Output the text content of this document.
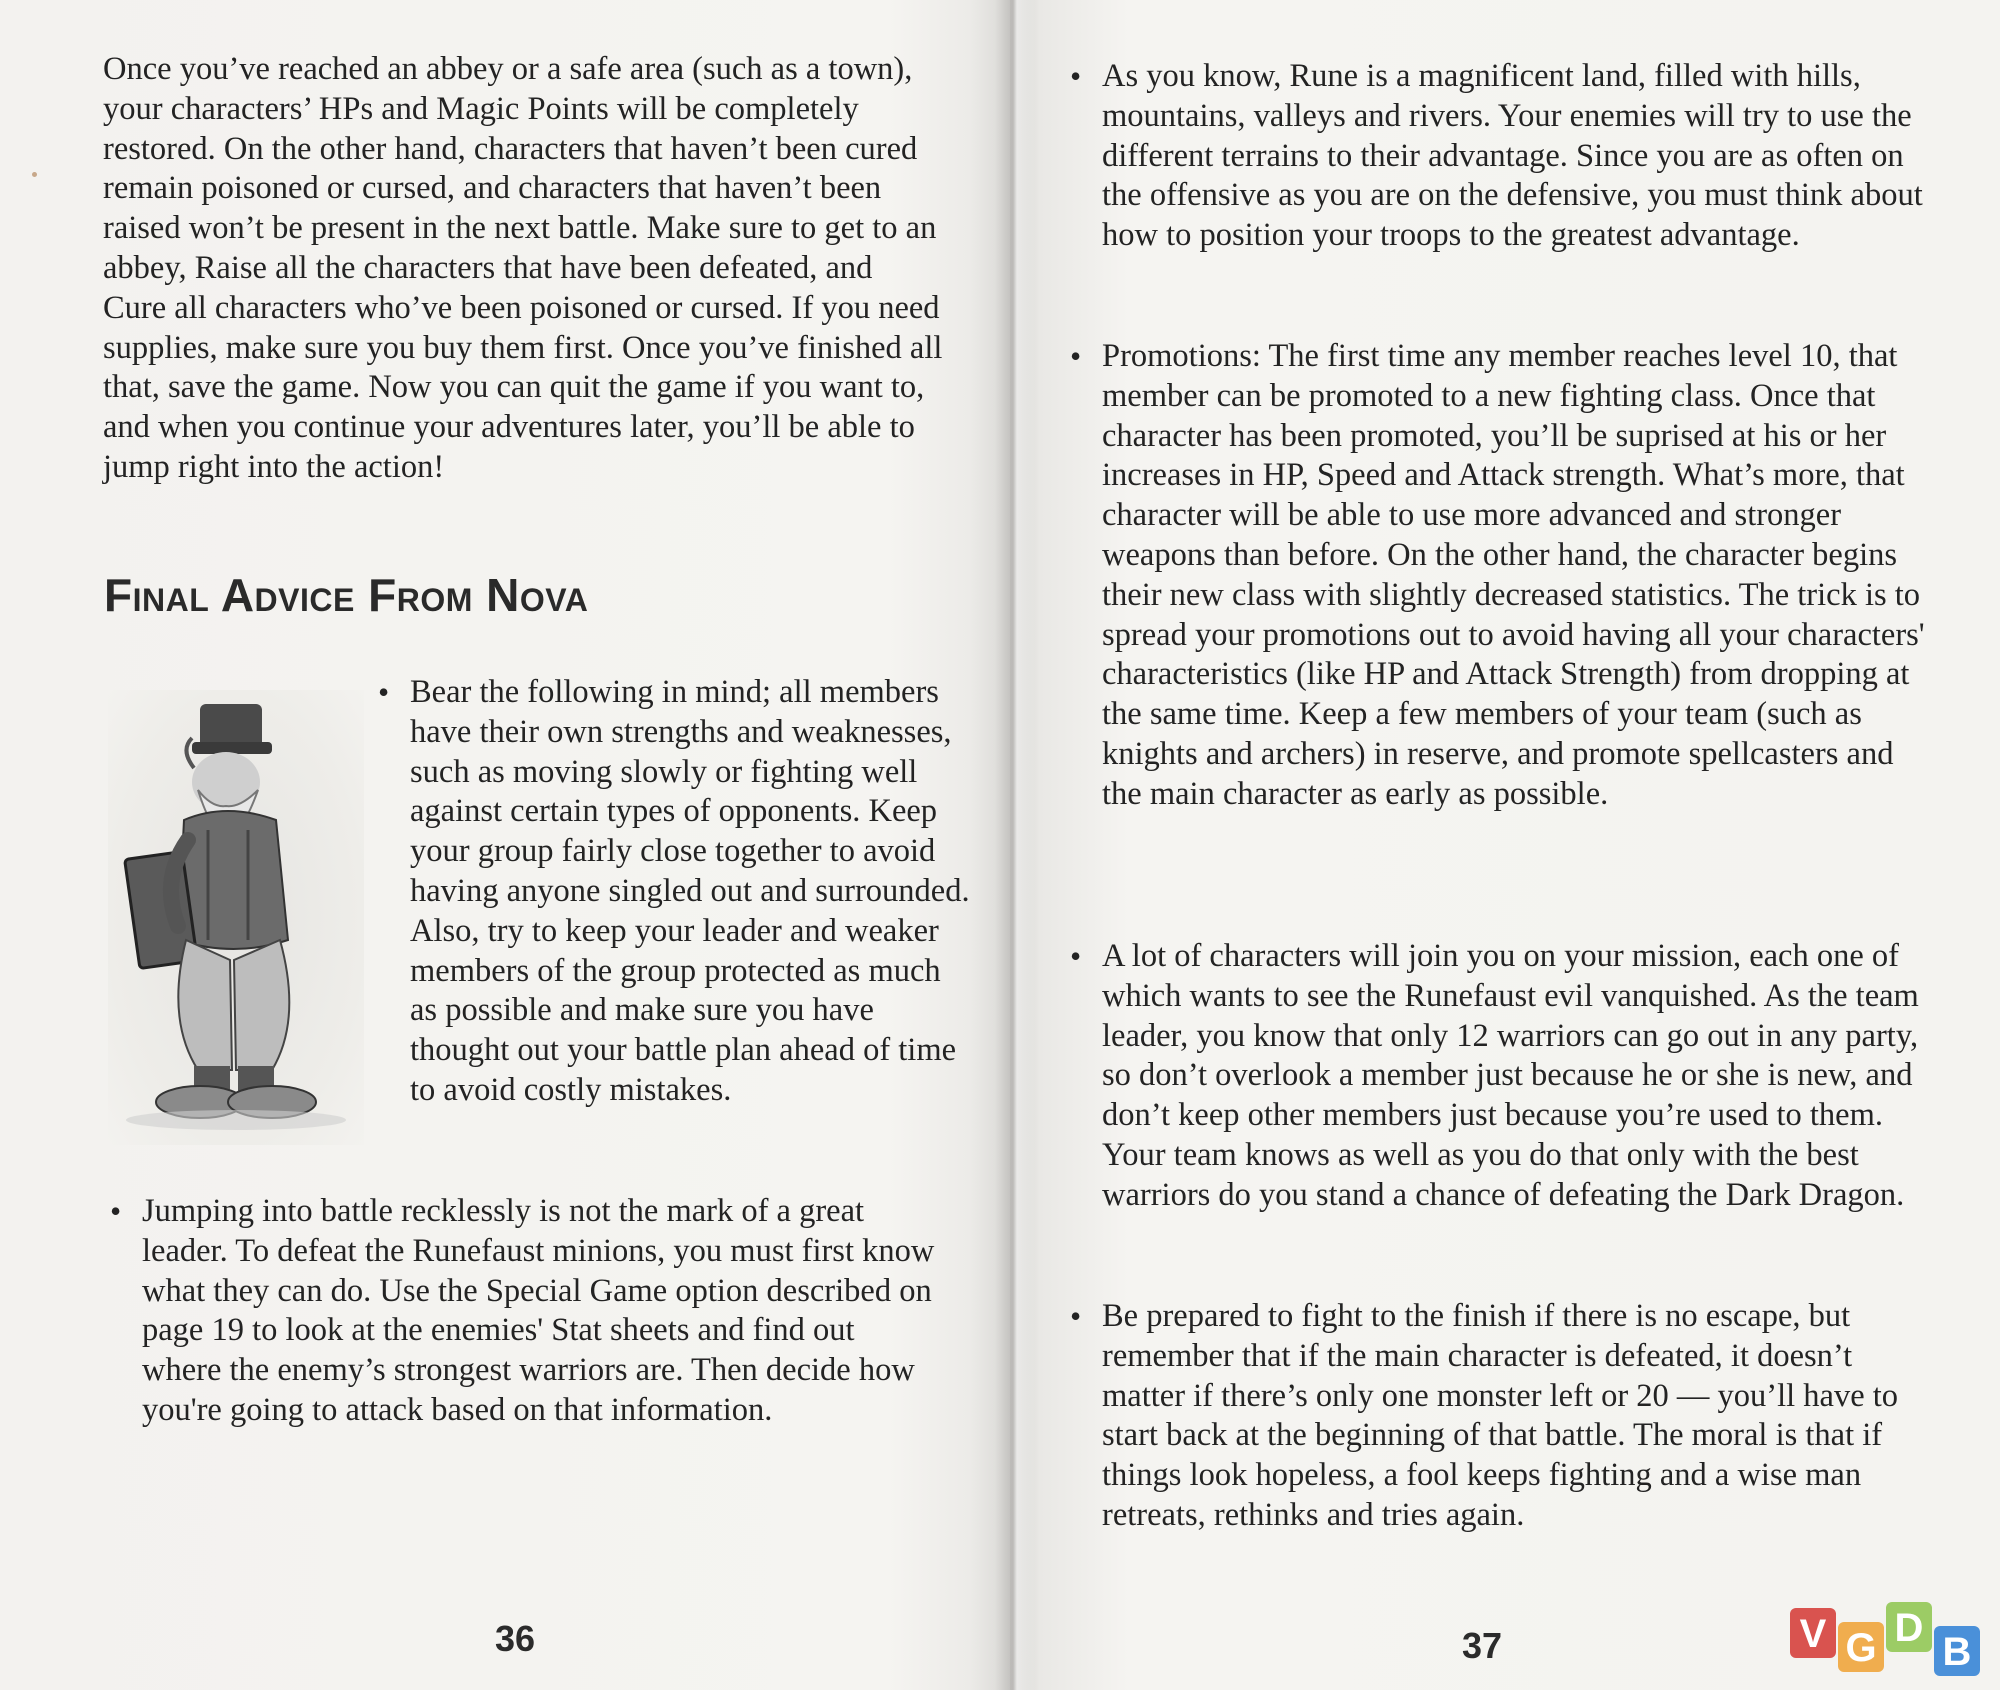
Once you’ve reached an abbey or a safe area (such as a town), your characters’ HPs and Magic Points will be completely restored. On the other hand, characters that haven’t been cured remain poisoned or cursed, and characters that haven’t been raised won’t be present in the next battle. Make sure to get to an abbey, Raise all the characters that have been defeated, and Cure all characters who’ve been poisoned or cursed. If you need supplies, make sure you buy them first. Once you’ve finished all that, save the game. Now you can quit the game if you want to, and when you continue your adventures later, you’ll be able to jump right into the action!

Final Advice From Nova
• Bear the following in mind; all members have their own strengths and weaknesses, such as moving slowly or fighting well against certain types of opponents. Keep your group fairly close together to avoid having anyone singled out and surrounded. Also, try to keep your leader and weaker members of the group protected as much as possible and make sure you have thought out your battle plan ahead of time to avoid costly mistakes.

• Jumping into battle recklessly is not the mark of a great leader. To defeat the Runefaust minions, you must first know what they can do. Use the Special Game option described on page 19 to look at the enemies' Stat sheets and find out where the enemy’s strongest warriors are. Then decide how you're going to attack based on that information.

36
• As you know, Rune is a magnificent land, filled with hills, mountains, valleys and rivers. Your enemies will try to use the different terrains to their advantage. Since you are as often on the offensive as you are on the defensive, you must think about how to position your troops to the greatest advantage.

• Promotions: The first time any member reaches level 10, that member can be promoted to a new fighting class. Once that character has been promoted, you’ll be suprised at his or her increases in HP, Speed and Attack strength. What’s more, that character will be able to use more advanced and stronger weapons than before. On the other hand, the character begins their new class with slightly decreased statistics. The trick is to spread your promotions out to avoid having all your characters' characteristics (like HP and Attack Strength) from dropping at the same time. Keep a few members of your team (such as knights and archers) in reserve, and promote spellcasters and the main character as early as possible.

• A lot of characters will join you on your mission, each one of which wants to see the Runefaust evil vanquished. As the team leader, you know that only 12 warriors can go out in any party, so don’t overlook a member just because he or she is new, and don’t keep other members just because you’re used to them. Your team knows as well as you do that only with the best warriors do you stand a chance of defeating the Dark Dragon.

• Be prepared to fight to the finish if there is no escape, but remember that if the main character is defeated, it doesn’t matter if there’s only one monster left or 20 — you’ll have to start back at the beginning of that battle. The moral is that if things look hopeless, a fool keeps fighting and a wise man retreats, rethinks and tries again.

37	V G D
B
